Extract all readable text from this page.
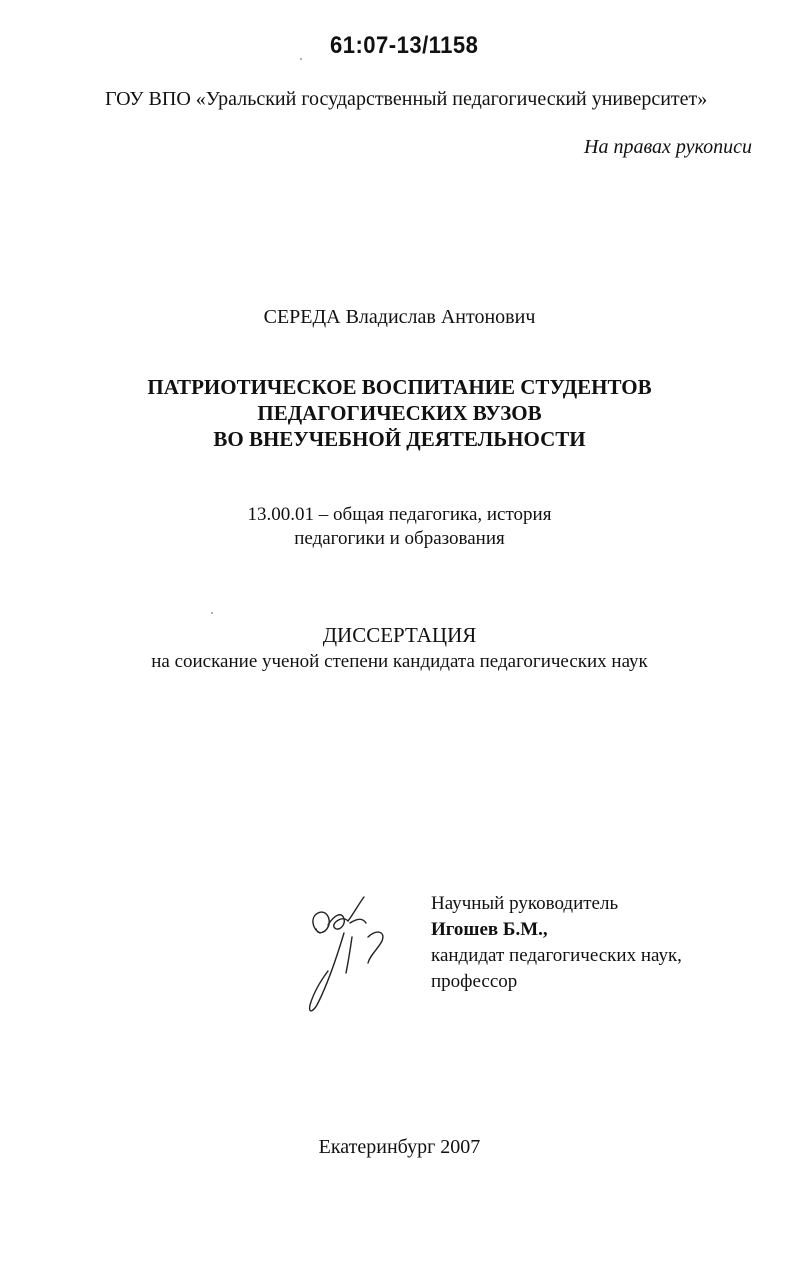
61:07-13/1158
ГОУ ВПО «Уральский государственный педагогический университет»
На правах рукописи
СЕРЕДА Владислав Антонович
ПАТРИОТИЧЕСКОЕ ВОСПИТАНИЕ СТУДЕНТОВ
ПЕДАГОГИЧЕСКИХ ВУЗОВ
ВО ВНЕУЧЕБНОЙ ДЕЯТЕЛЬНОСТИ
13.00.01 – общая педагогика, история
педагогики и образования
ДИССЕРТАЦИЯ
на соискание ученой степени кандидата педагогических наук
Научный руководитель
Игошев Б.М.,
кандидат педагогических наук,
профессор
Екатеринбург 2007
